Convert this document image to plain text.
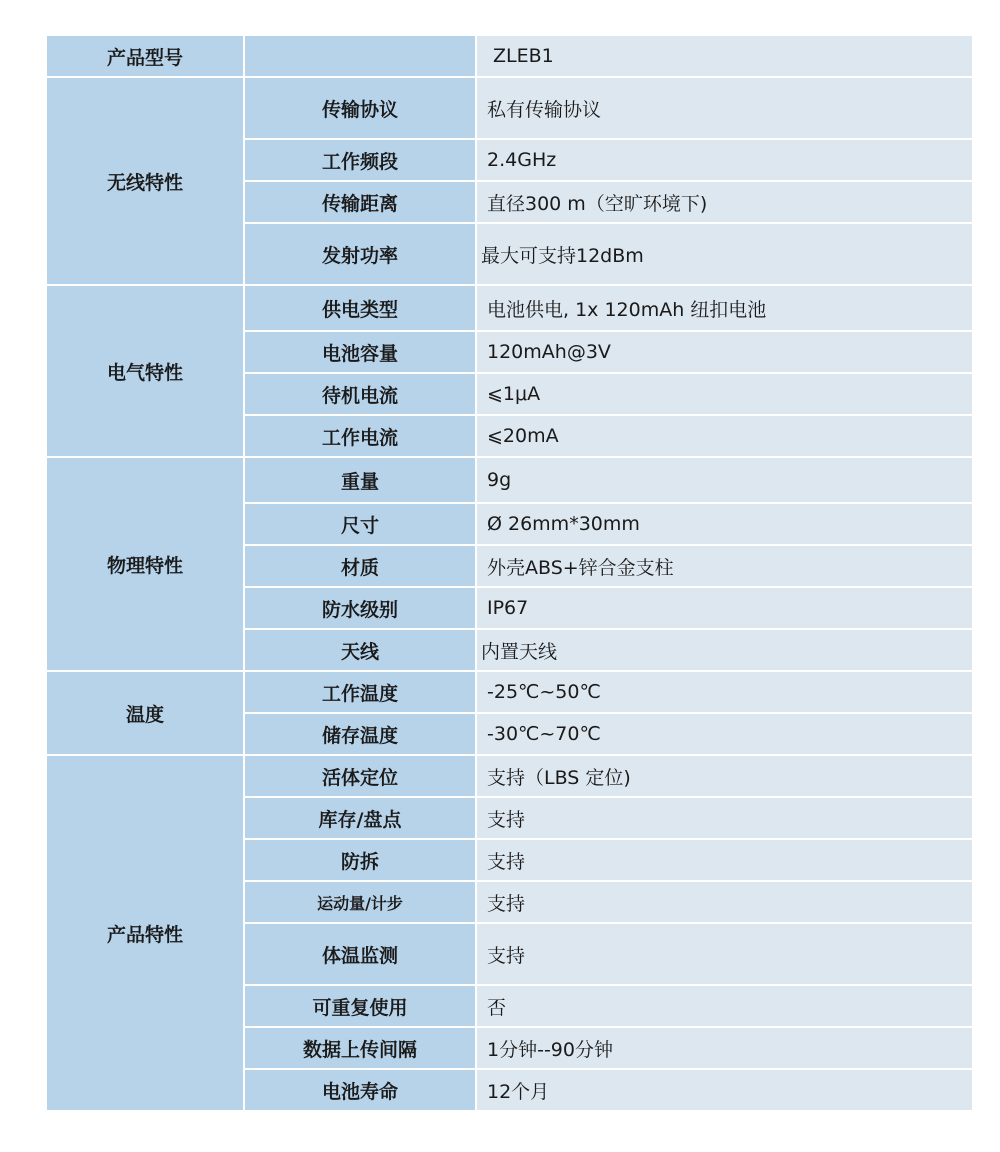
产品型号	ZLEB1
无线特性
传输协议	私有传输协议
工作频段	2.4GHz
传输距离	直径300 m（空旷环境下)
发射功率	最大可支持12dBm
电气特性
供电类型	电池供电, 1x 120mAh 纽扣电池
电池容量	120mAh@3V
待机电流	⩽1μA
工作电流	⩽20mA
物理特性
重量	9g
尺寸	Ø 26mm*30mm
材质	外壳ABS+锌合金支柱
防水级别	IP67
天线	内置天线
温度
工作温度	-25℃~50℃
储存温度	-30℃~70℃
产品特性
活体定位	支持（LBS 定位)
库存/盘点	支持
防拆	支持
运动量/计步	支持
体温监测	支持
可重复使用	否
数据上传间隔	1分钟--90分钟
电池寿命	12个月
